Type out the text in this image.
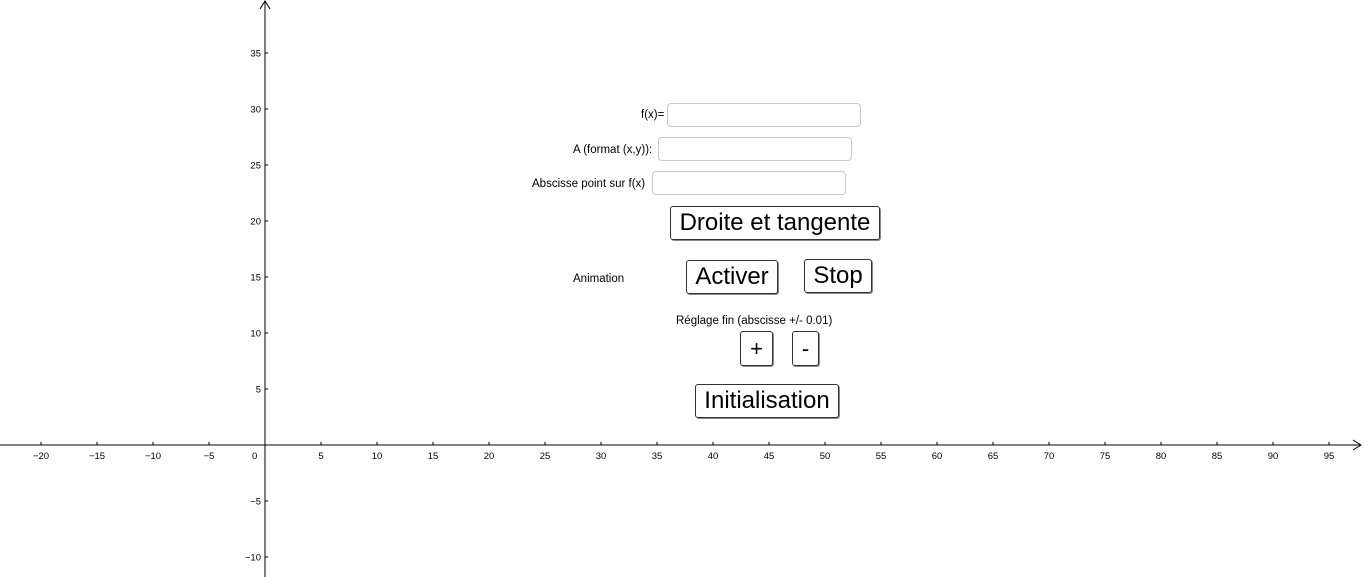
−20	−15	−10	−5	5	10	15	20	25	30	35	40	45	50	55	60	65	70	75	80	85	90	95
35
30
25
20
15
10
5
−5
−10
0
f(x)=
A (format (x,y)):
Abscisse point sur f(x)
Droite et tangente
Animation	Activer	Stop
Réglage fin (abscisse +/- 0.01)
+	-
Initialisation
